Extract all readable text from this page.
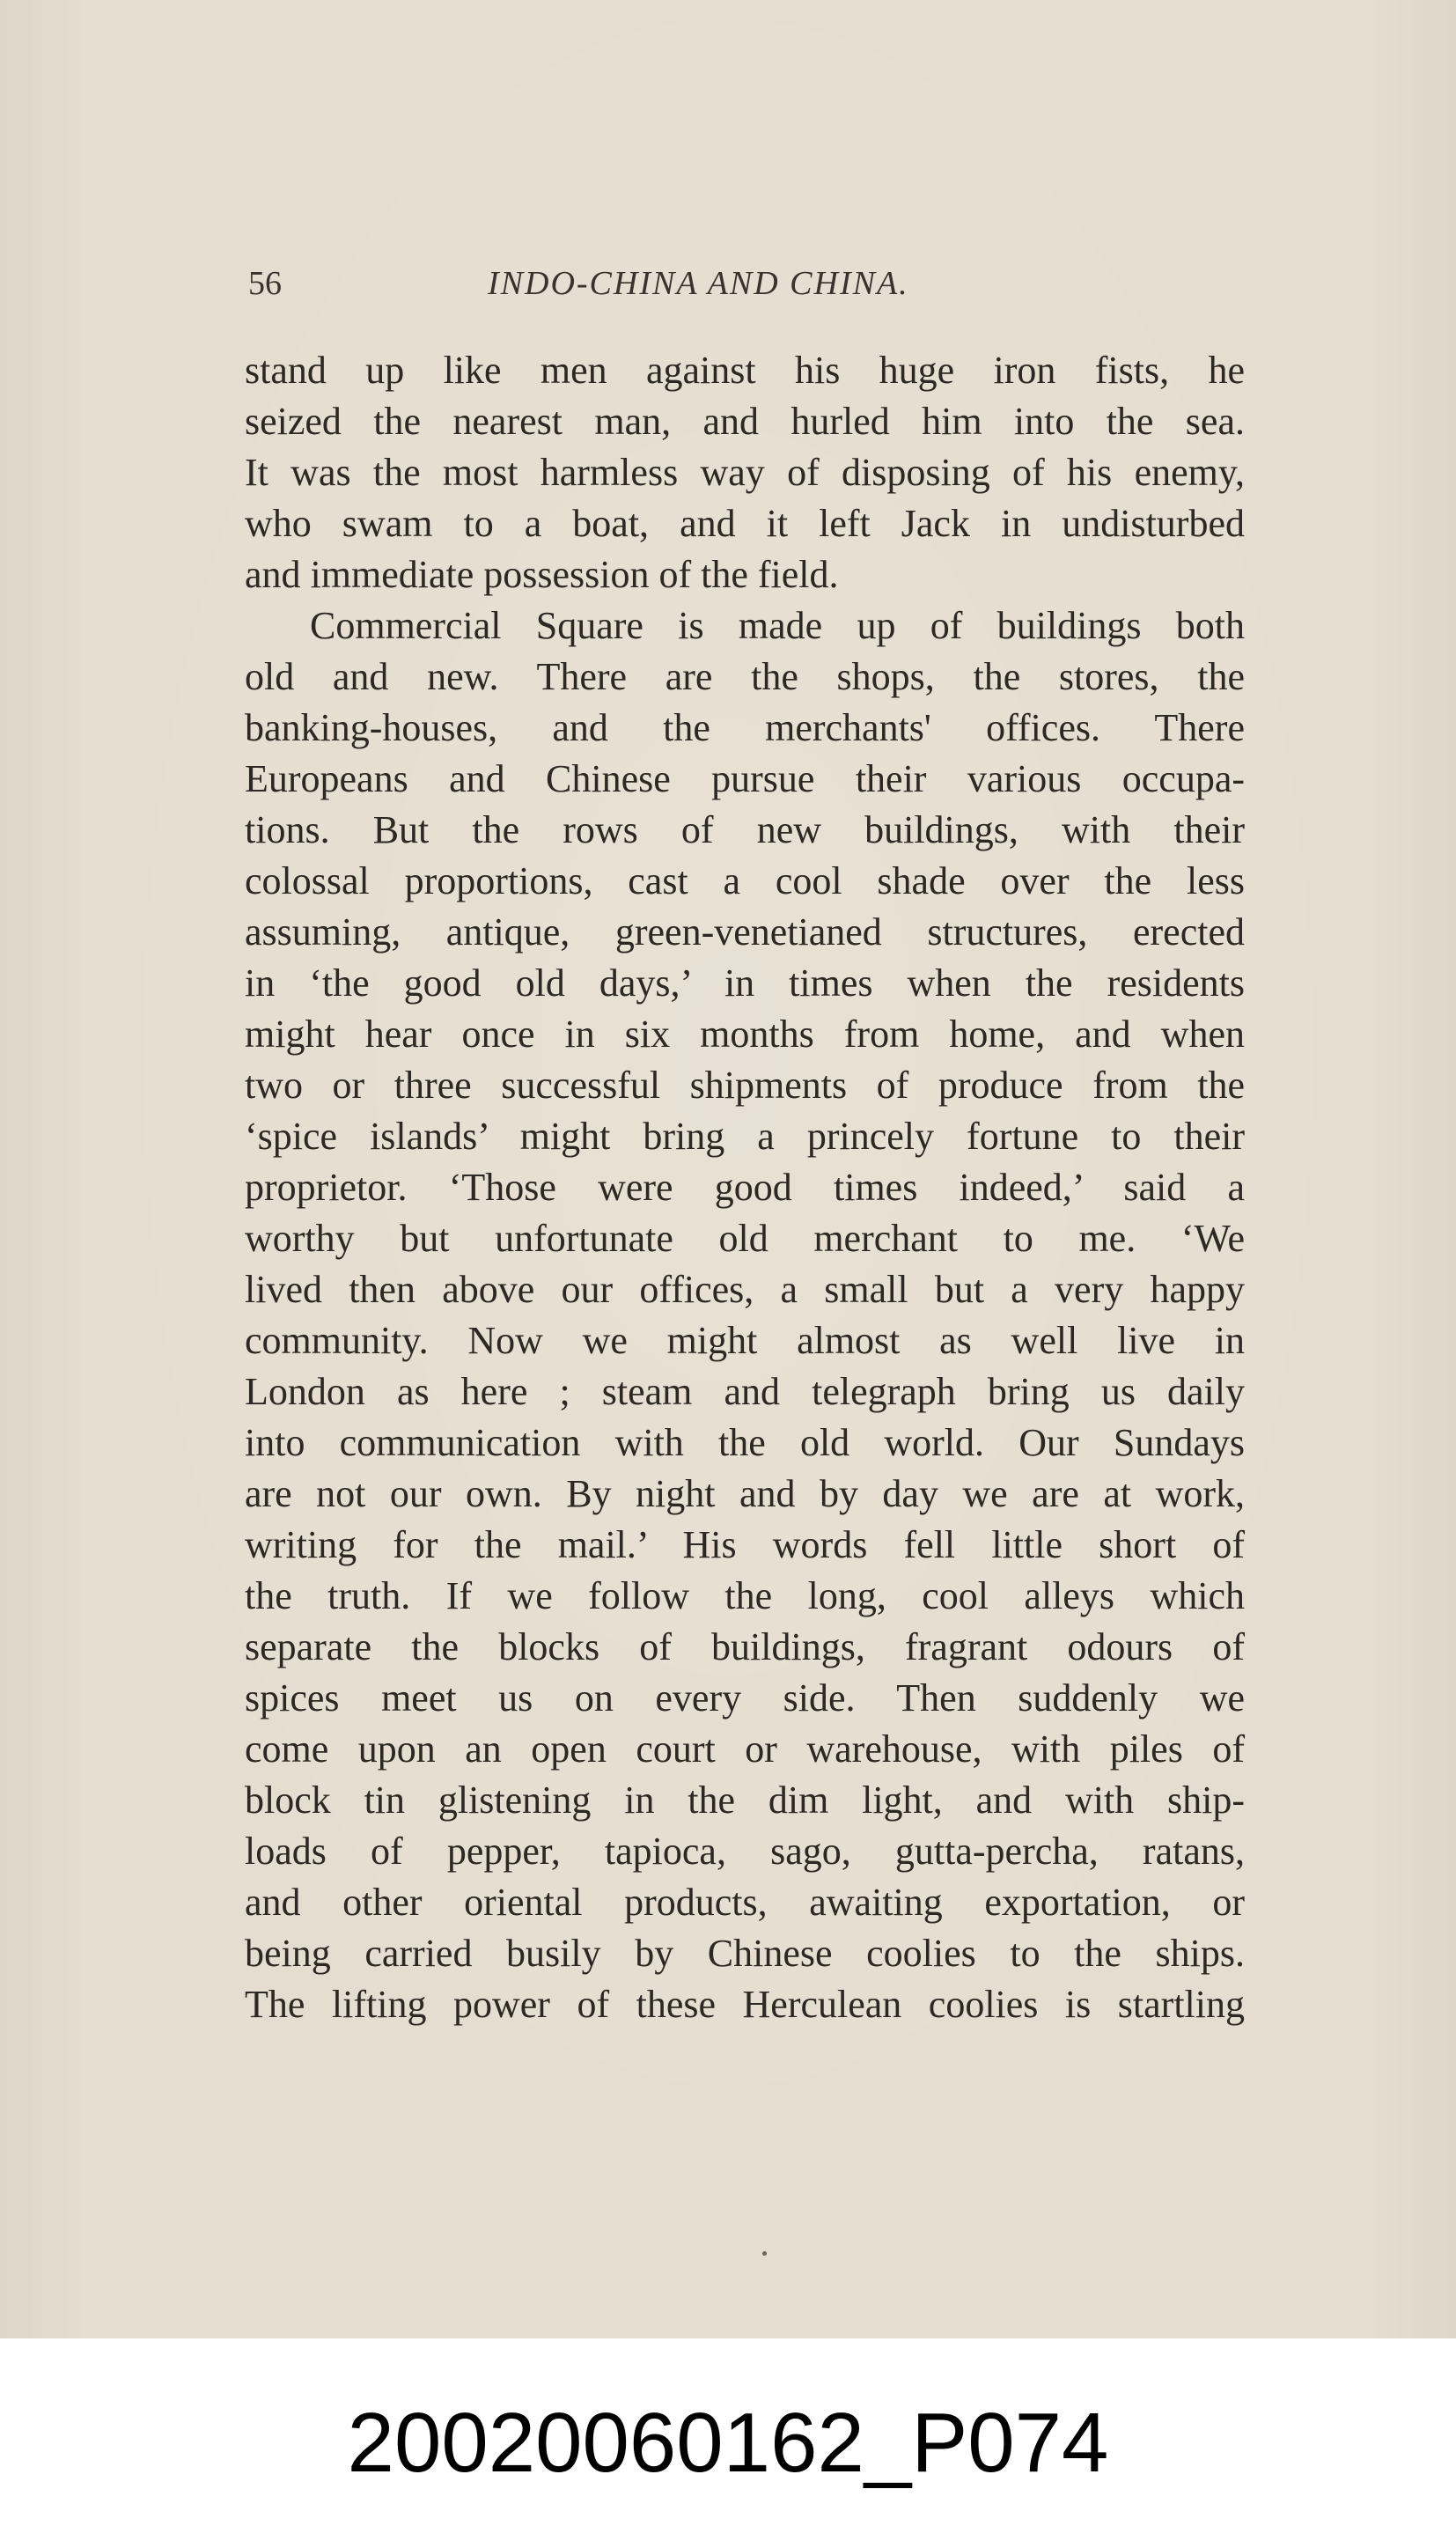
56	INDO-CHINA AND CHINA.
stand up like men against his huge iron fists, he
seized the nearest man, and hurled him into the sea.
It was the most harmless way of disposing of his enemy,
who swam to a boat, and it left Jack in undisturbed
and immediate possession of the field.
Commercial Square is made up of buildings both
old and new. There are the shops, the stores, the
banking-houses, and the merchants' offices. There
Europeans and Chinese pursue their various occupa-
tions. But the rows of new buildings, with their
colossal proportions, cast a cool shade over the less
assuming, antique, green-venetianed structures, erected
in ‘the good old days,’ in times when the residents
might hear once in six months from home, and when
two or three successful shipments of produce from the
‘spice islands’ might bring a princely fortune to their
proprietor. ‘Those were good times indeed,’ said a
worthy but unfortunate old merchant to me. ‘We
lived then above our offices, a small but a very happy
community. Now we might almost as well live in
London as here ; steam and telegraph bring us daily
into communication with the old world. Our Sundays
are not our own. By night and by day we are at work,
writing for the mail.’ His words fell little short of
the truth. If we follow the long, cool alleys which
separate the blocks of buildings, fragrant odours of
spices meet us on every side. Then suddenly we
come upon an open court or warehouse, with piles of
block tin glistening in the dim light, and with ship-
loads of pepper, tapioca, sago, gutta-percha, ratans,
and other oriental products, awaiting exportation, or
being carried busily by Chinese coolies to the ships.
The lifting power of these Herculean coolies is startling
20020060162_P074
